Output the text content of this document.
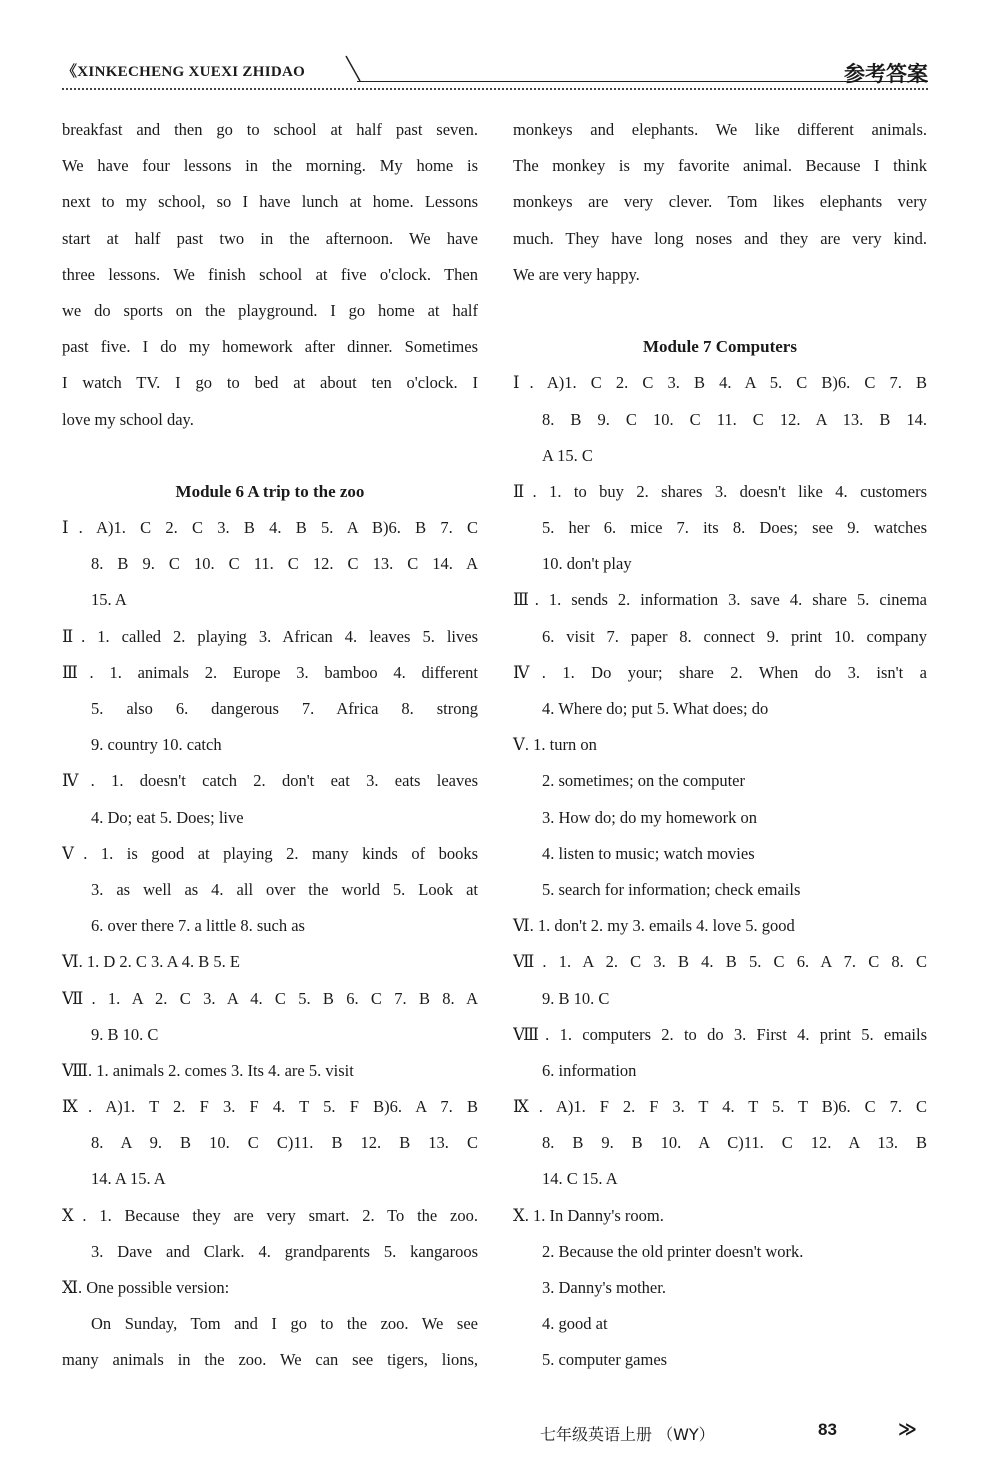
《XINKECHENG XUEXI ZHIDAO	参考答案
breakfast and then go to school at half past seven.
We have four lessons in the morning. My home is
next to my school, so I have lunch at home. Lessons
start at half past two in the afternoon. We have
three lessons. We finish school at five o'clock. Then
we do sports on the playground. I go home at half
past five. I do my homework after dinner. Sometimes
I watch TV. I go to bed at about ten o'clock. I
love my school day.
Module 6 A trip to the zoo
Ⅰ. A)1. C 2. C 3. B 4. B 5. A B)6. B 7. C
8. B 9. C 10. C 11. C 12. C 13. C 14. A
15. A
Ⅱ. 1. called 2. playing 3. African 4. leaves 5. lives
Ⅲ. 1. animals 2. Europe 3. bamboo 4. different
5. also 6. dangerous 7. Africa 8. strong
9. country 10. catch
Ⅳ. 1. doesn't catch 2. don't eat 3. eats leaves
4. Do; eat 5. Does; live
Ⅴ. 1. is good at playing 2. many kinds of books
3. as well as 4. all over the world 5. Look at
6. over there 7. a little 8. such as
Ⅵ. 1. D 2. C 3. A 4. B 5. E
Ⅶ. 1. A 2. C 3. A 4. C 5. B 6. C 7. B 8. A
9. B 10. C
Ⅷ. 1. animals 2. comes 3. Its 4. are 5. visit
Ⅸ. A)1. T 2. F 3. F 4. T 5. F B)6. A 7. B
8. A 9. B 10. C C)11. B 12. B 13. C
14. A 15. A
Ⅹ. 1. Because they are very smart. 2. To the zoo.
3. Dave and Clark. 4. grandparents 5. kangaroos
Ⅺ. One possible version:
On Sunday, Tom and I go to the zoo. We see
many animals in the zoo. We can see tigers, lions,
monkeys and elephants. We like different animals.
The monkey is my favorite animal. Because I think
monkeys are very clever. Tom likes elephants very
much. They have long noses and they are very kind.
We are very happy.
Module 7 Computers
Ⅰ. A)1. C 2. C 3. B 4. A 5. C B)6. C 7. B
8. B 9. C 10. C 11. C 12. A 13. B 14.
A 15. C
Ⅱ. 1. to buy 2. shares 3. doesn't like 4. customers
5. her 6. mice 7. its 8. Does; see 9. watches
10. don't play
Ⅲ. 1. sends 2. information 3. save 4. share 5. cinema
6. visit 7. paper 8. connect 9. print 10. company
Ⅳ. 1. Do your; share 2. When do 3. isn't a
4. Where do; put 5. What does; do
Ⅴ. 1. turn on
2. sometimes; on the computer
3. How do; do my homework on
4. listen to music; watch movies
5. search for information; check emails
Ⅵ. 1. don't 2. my 3. emails 4. love 5. good
Ⅶ. 1. A 2. C 3. B 4. B 5. C 6. A 7. C 8. C
9. B 10. C
Ⅷ. 1. computers 2. to do 3. First 4. print 5. emails
6. information
Ⅸ. A)1. F 2. F 3. T 4. T 5. T B)6. C 7. C
8. B 9. B 10. A C)11. C 12. A 13. B
14. C 15. A
Ⅹ. 1. In Danny's room.
2. Because the old printer doesn't work.
3. Danny's mother.
4. good at
5. computer games
七年级英语上册 （WY）	83	≫
